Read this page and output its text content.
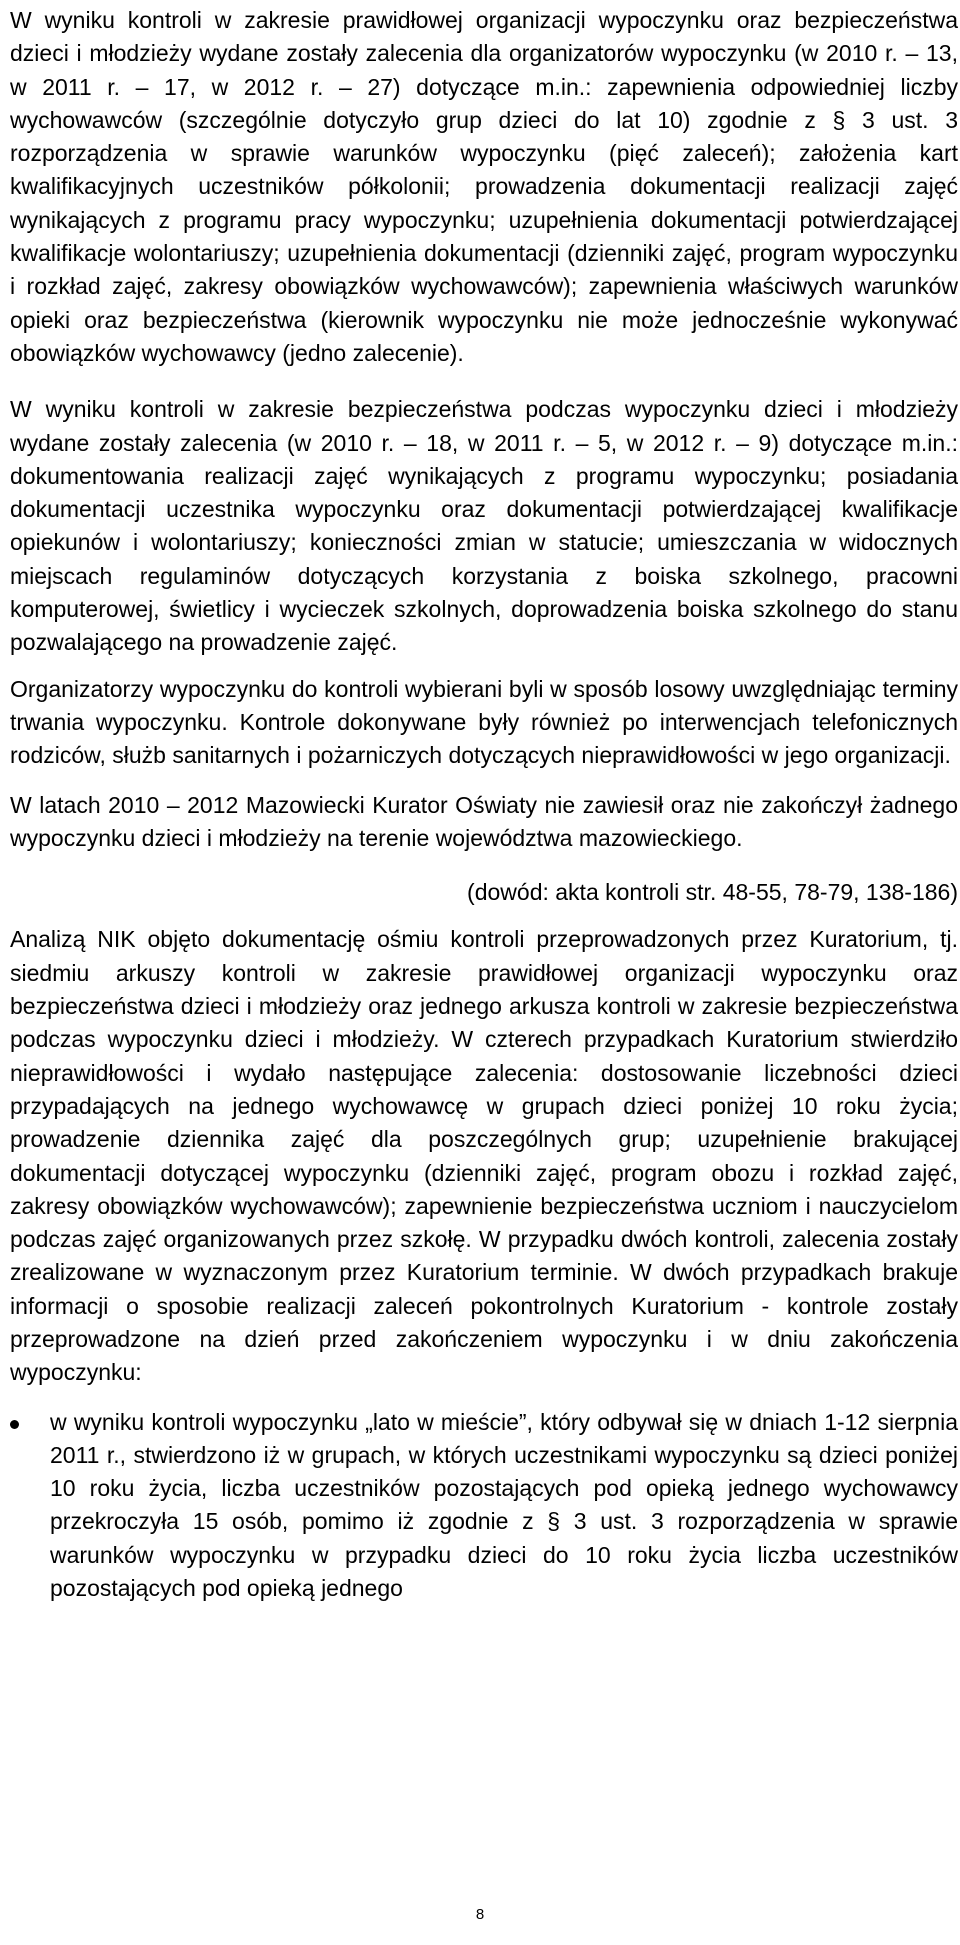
W wyniku kontroli w zakresie prawidłowej organizacji wypoczynku oraz bezpieczeństwa dzieci i młodzieży wydane zostały zalecenia dla organizatorów wypoczynku (w 2010 r. – 13, w 2011 r. – 17, w 2012 r. – 27) dotyczące m.in.: zapewnienia odpowiedniej liczby wychowawców (szczególnie dotyczyło grup dzieci do lat 10) zgodnie z § 3 ust. 3 rozporządzenia w sprawie warunków wypoczynku (pięć zaleceń); założenia kart kwalifikacyjnych uczestników półkolonii; prowadzenia dokumentacji realizacji zajęć wynikających z programu pracy wypoczynku; uzupełnienia dokumentacji potwierdzającej kwalifikacje wolontariuszy; uzupełnienia dokumentacji (dzienniki zajęć, program wypoczynku i rozkład zajęć, zakresy obowiązków wychowawców); zapewnienia właściwych warunków opieki oraz bezpieczeństwa (kierownik wypoczynku nie może jednocześnie wykonywać obowiązków wychowawcy (jedno zalecenie).

W wyniku kontroli w zakresie bezpieczeństwa podczas wypoczynku dzieci i młodzieży wydane zostały zalecenia (w 2010 r. – 18, w 2011 r. – 5, w 2012 r. – 9) dotyczące m.in.: dokumentowania realizacji zajęć wynikających z programu wypoczynku; posiadania dokumentacji uczestnika wypoczynku oraz dokumentacji potwierdzającej kwalifikacje opiekunów i wolontariuszy; konieczności zmian w statucie; umieszczania w widocznych miejscach regulaminów dotyczących korzystania z boiska szkolnego, pracowni komputerowej, świetlicy i wycieczek szkolnych, doprowadzenia boiska szkolnego do stanu pozwalającego na prowadzenie zajęć.

Organizatorzy wypoczynku do kontroli wybierani byli w sposób losowy uwzględniając terminy trwania wypoczynku. Kontrole dokonywane były również po interwencjach telefonicznych rodziców, służb sanitarnych i pożarniczych dotyczących nieprawidłowości w jego organizacji.

W latach 2010 – 2012 Mazowiecki Kurator Oświaty nie zawiesił oraz nie zakończył żadnego wypoczynku dzieci i młodzieży na terenie województwa mazowieckiego.

(dowód: akta kontroli str. 48-55, 78-79, 138-186)

Analizą NIK objęto dokumentację ośmiu kontroli przeprowadzonych przez Kuratorium, tj. siedmiu arkuszy kontroli w zakresie prawidłowej organizacji wypoczynku oraz bezpieczeństwa dzieci i młodzieży oraz jednego arkusza kontroli w zakresie bezpieczeństwa podczas wypoczynku dzieci i młodzieży. W czterech przypadkach Kuratorium stwierdziło nieprawidłowości i wydało następujące zalecenia: dostosowanie liczebności dzieci przypadających na jednego wychowawcę w grupach dzieci poniżej 10 roku życia; prowadzenie dziennika zajęć dla poszczególnych grup; uzupełnienie brakującej dokumentacji dotyczącej wypoczynku (dzienniki zajęć, program obozu i rozkład zajęć, zakresy obowiązków wychowawców); zapewnienie bezpieczeństwa uczniom i nauczycielom podczas zajęć organizowanych przez szkołę. W przypadku dwóch kontroli, zalecenia zostały zrealizowane w wyznaczonym przez Kuratorium terminie. W dwóch przypadkach brakuje informacji o sposobie realizacji zaleceń pokontrolnych Kuratorium - kontrole zostały przeprowadzone na dzień przed zakończeniem wypoczynku i w dniu zakończenia wypoczynku:

w wyniku kontroli wypoczynku „lato w mieście”, który odbywał się w dniach 1-12 sierpnia 2011 r., stwierdzono iż w grupach, w których uczestnikami wypoczynku są dzieci poniżej 10 roku życia, liczba uczestników pozostających pod opieką jednego wychowawcy przekroczyła 15 osób, pomimo iż zgodnie z § 3 ust. 3 rozporządzenia w sprawie warunków wypoczynku w przypadku dzieci do 10 roku życia liczba uczestników pozostających pod opieką jednego

8
